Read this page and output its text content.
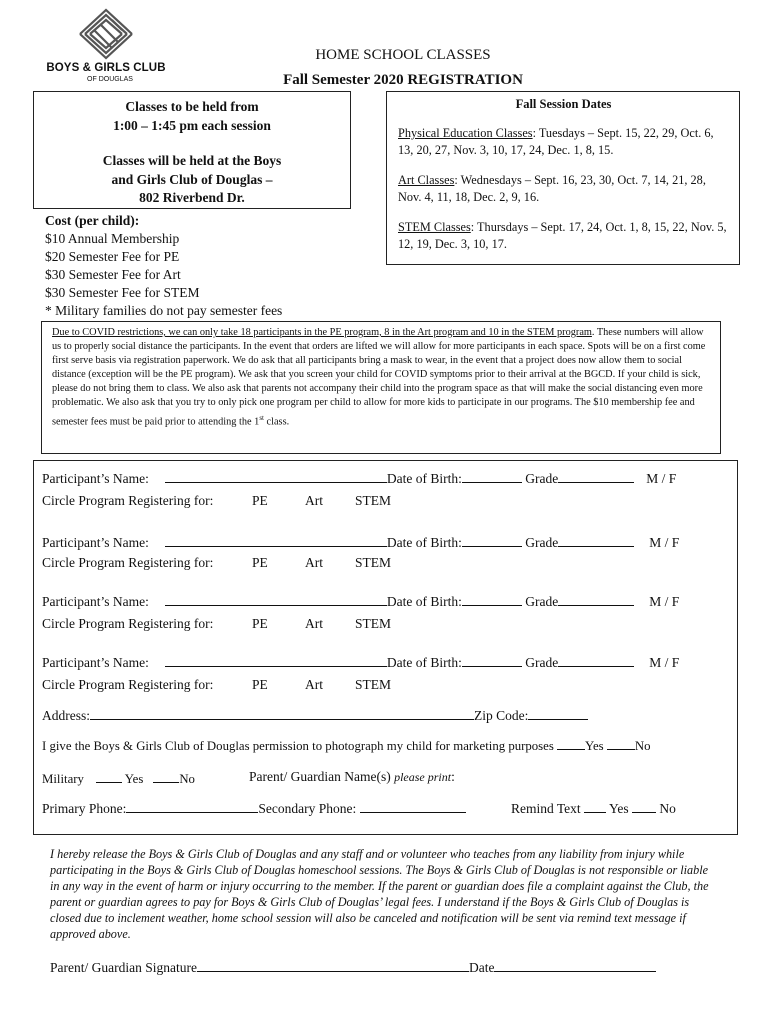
BOYS & GIRLS CLUB
OF DOUGLAS
HOME SCHOOL CLASSES
Fall Semester 2020 REGISTRATION
Classes to be held from
1:00 – 1:45 pm each session
Classes will be held at the Boys
and Girls Club of Douglas –
802 Riverbend Dr.
Fall Session Dates

Physical Education Classes: Tuesdays – Sept. 15, 22, 29, Oct. 6, 13, 20, 27, Nov. 3, 10, 17, 24, Dec. 1, 8, 15.

Art Classes: Wednesdays – Sept. 16, 23, 30, Oct. 7, 14, 21, 28, Nov. 4, 11, 18, Dec. 2, 9, 16.

STEM Classes: Thursdays – Sept. 17, 24, Oct. 1, 8, 15, 22, Nov. 5, 12, 19, Dec. 3, 10, 17.

Cost (per child):
$10 Annual Membership
$20 Semester Fee for PE
$30 Semester Fee for Art
$30 Semester Fee for STEM
* Military families do not pay semester fees
Due to COVID restrictions, we can only take 18 participants in the PE program, 8 in the Art program and 10 in the STEM program. These numbers will allow us to properly social distance the participants. In the event that orders are lifted we will allow for more participants in each space. Spots will be on a first come first serve basis via registration paperwork. We do ask that all participants bring a mask to wear, in the event that a project does now allow them to social distance (exception will be the PE program). We ask that you screen your child for COVID symptoms prior to their arrival at the BGCD. If your child is sick, please do not bring them to class. We also ask that parents not accompany their child into the program space as that will make the social distancing even more problematic. We also ask that you try to only pick one program per child to allow for more kids to participate in our programs. The $10 membership fee and semester fees must be paid prior to attending the 1st class.
Participant’s Name:	Date of Birth:	Grade	M / F
Circle Program Registering for:	PE	Art STEM
Participant’s Name:	Date of Birth:	Grade	M / F
Circle Program Registering for:	PE	Art STEM
Participant’s Name:	Date of Birth:	Grade	M / F
Circle Program Registering for:	PE	Art STEM
Participant’s Name:	Date of Birth:	Grade	M / F
Circle Program Registering for:	PE	Art STEM
Address:	Zip Code:
I give the Boys & Girls Club of Douglas permission to photograph my child for marketing purposes Yes No
Military	Yes	No	Parent/ Guardian Name(s) please print:
Primary Phone:	Secondary Phone:	Remind Text Yes No
I hereby release the Boys & Girls Club of Douglas and any staff and or volunteer who teaches from any liability from injury while participating in the Boys & Girls Club of Douglas homeschool sessions. The Boys & Girls Club of Douglas is not responsible or liable in any way in the event of harm or injury occurring to the member. If the parent or guardian does file a complaint against the Club, the parent or guardian agrees to pay for Boys & Girls Club of Douglas’ legal fees. I understand if the Boys & Girls Club of Douglas is closed due to inclement weather, home school session will also be canceled and notification will be sent via remind text message if approved above.
Parent/ Guardian Signature	Date
